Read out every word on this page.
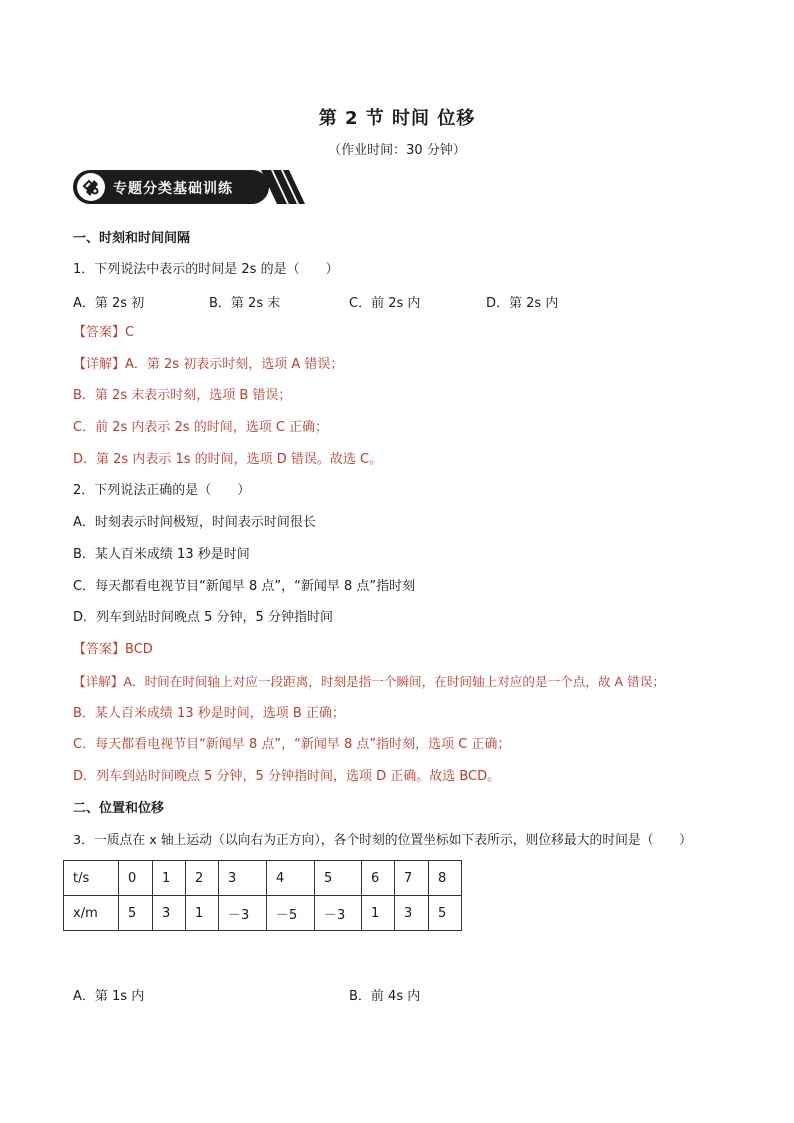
第 2 节 时间 位移
（作业时间：30 分钟）
专题分类基础训练
一、时刻和时间间隔
1．下列说法中表示的时间是 2s 的是（　　）
A．第 2s 初	B．第 2s 末	C．前 2s 内	D．第 2s 内
【答案】C
【详解】A．第 2s 初表示时刻，选项 A 错误；
B．第 2s 末表示时刻，选项 B 错误；
C．前 2s 内表示 2s 的时间，选项 C 正确；
D．第 2s 内表示 1s 的时间，选项 D 错误。故选 C。
2．下列说法正确的是（　　）
A．时刻表示时间极短，时间表示时间很长
B．某人百米成绩 13 秒是时间
C．每天都看电视节目“新闻早 8 点”，“新闻早 8 点”指时刻
D．列车到站时间晚点 5 分钟，5 分钟指时间
【答案】BCD
【详解】A．时间在时间轴上对应一段距离，时刻是指一个瞬间，在时间轴上对应的是一个点，故 A 错误；
B．某人百米成绩 13 秒是时间，选项 B 正确；
C．每天都看电视节目“新闻早 8 点”，“新闻早 8 点”指时刻，选项 C 正确；
D．列车到站时间晚点 5 分钟，5 分钟指时间，选项 D 正确。故选 BCD。
二、位置和位移
3．一质点在 x 轴上运动（以向右为正方向），各个时刻的位置坐标如下表所示，则位移最大的时间是（　　）
t/s	0	1	2	3	4	5	6	7	8
x/m	5	3	1	－3	－5	－3	1	3	5
A．第 1s 内	B．前 4s 内
